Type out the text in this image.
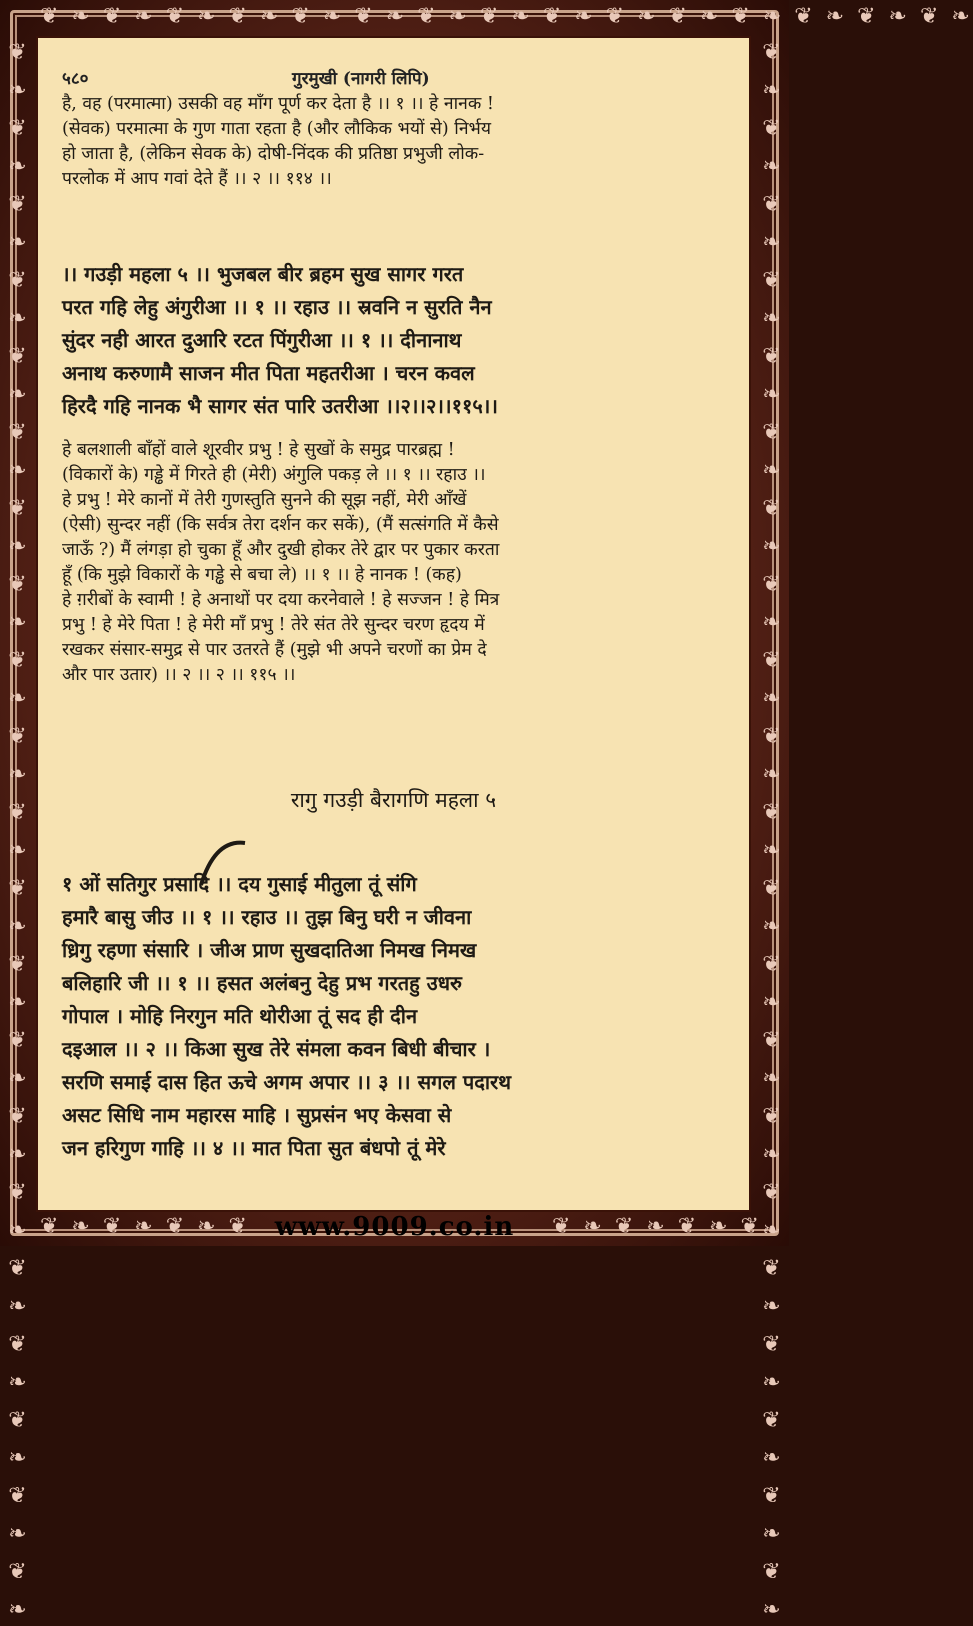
❦ ❧ ❦ ❧ ❦ ❧ ❦ ❧ ❦ ❧ ❦ ❧ ❦ ❧ ❦ ❧ ❦ ❧ ❦ ❧ ❦ ❧ ❦ ❧ ❦ ❧ ❦ ❧ ❦ ❧
❦ ❧ ❦ ❧ ❦ ❧ ❦ ❧ ❦ ❧ ❦ ❧ ❦ ❧ ❦ ❧ ❦ ❧ ❦ ❧ ❦ ❧ ❦ ❧ ❦ ❧ ❦ ❧ ❦ ❧ ❦ ❧ ❦ ❧ ❦ ❧ ❦ ❧ ❦ ❧ ❦ ❧	❦ ❧ ❦ ❧ ❦ ❧ ❦ ❧ ❦ ❧ ❦ ❧ ❦ ❧ ❦ ❧ ❦ ❧ ❦ ❧ ❦ ❧ ❦ ❧ ❦ ❧ ❦ ❧ ❦ ❧ ❦ ❧ ❦ ❧ ❦ ❧ ❦ ❧ ❦ ❧ ❦ ❧
❦ ❧ ❦ ❧ ❦ ❧ ❦	❦ ❧ ❦ ❧ ❦ ❧ ❦
५८०	गुरमुखी (नागरी लिपि)
है, वह (परमात्मा) उसकी वह माँग पूर्ण कर देता है ।। १ ।। हे नानक !
(सेवक) परमात्मा के गुण गाता रहता है (और लौकिक भयों से) निर्भय
हो जाता है, (लेकिन सेवक के) दोषी-निंदक की प्रतिष्ठा प्रभुजी लोक-
परलोक में आप गवां देते हैं ।। २ ।। ११४ ।।
।। गउड़ी महला ५ ।। भुजबल बीर ब्रहम सुख सागर गरत
परत गहि लेहु अंगुरीआ ।। १ ।। रहाउ ।। स्रवनि न सुरति नैन
सुंदर नही आरत दुआरि रटत पिंगुरीआ ।। १ ।। दीनानाथ
अनाथ करुणामै साजन मीत पिता महतरीआ । चरन कवल
हिरदै गहि नानक भै सागर संत पारि उतरीआ ।।२।।२।।११५।।
हे बलशाली बाँहों वाले शूरवीर प्रभु ! हे सुखों के समुद्र पारब्रह्म !
(विकारों के) गड्ढे में गिरते ही (मेरी) अंगुलि पकड़ ले ।। १ ।। रहाउ ।।
हे प्रभु ! मेरे कानों में तेरी गुणस्तुति सुनने की सूझ नहीं, मेरी आँखें
(ऐसी) सुन्दर नहीं (कि सर्वत्र तेरा दर्शन कर सकें), (मैं सत्संगति में कैसे
जाऊँ ?) मैं लंगड़ा हो चुका हूँ और दुखी होकर तेरे द्वार पर पुकार करता
हूँ (कि मुझे विकारों के गड्ढे से बचा ले) ।। १ ।। हे नानक ! (कह)
हे ग़रीबों के स्वामी ! हे अनाथों पर दया करनेवाले ! हे सज्जन ! हे मित्र
प्रभु ! हे मेरे पिता ! हे मेरी माँ प्रभु ! तेरे संत तेरे सुन्दर चरण हृदय में
रखकर संसार-समुद्र से पार उतरते हैं (मुझे भी अपने चरणों का प्रेम दे
और पार उतार) ।। २ ।। २ ।। ११५ ।।
रागु गउड़ी बैरागणि महला ५
१ ओं सतिगुर प्रसादि ।। दय गुसाई मीतुला तूं संगि
हमारै बासु जीउ ।। १ ।। रहाउ ।। तुझ बिनु घरी न जीवना
ध्रिगु रहणा संसारि । जीअ प्राण सुखदातिआ निमख निमख
बलिहारि जी ।। १ ।। हसत अलंबनु देहु प्रभ गरतहु उधरु
गोपाल । मोहि निरगुन मति थोरीआ तूं सद ही दीन
दइआल ।। २ ।। किआ सुख तेरे संमला कवन बिधी बीचार ।
सरणि समाई दास हित ऊचे अगम अपार ।। ३ ।। सगल पदारथ
असट सिधि नाम महारस माहि । सुप्रसंन भए केसवा से
जन हरिगुण गाहि ।। ४ ।। मात पिता सुत बंधपो तूं मेरे
www.9009.co.in
